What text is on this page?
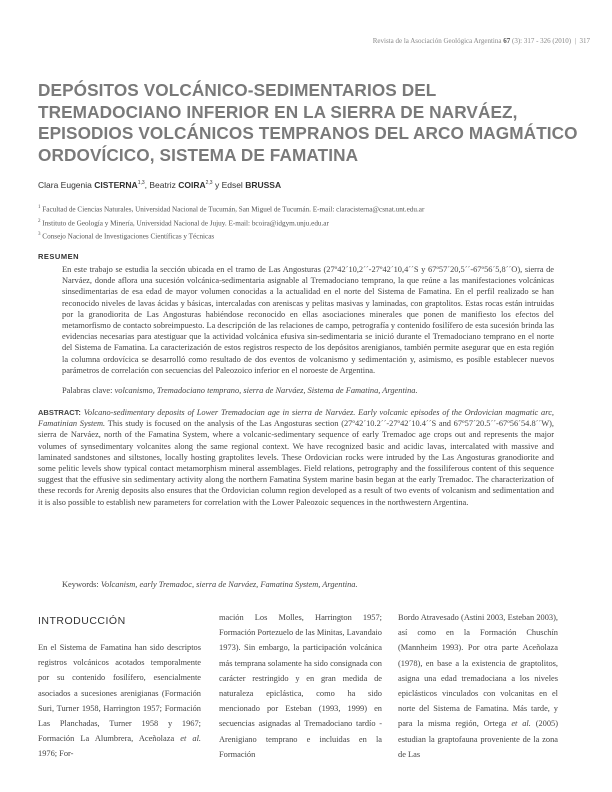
Revista de la Asociación Geológica Argentina 67 (3): 317 - 326 (2010)  |  317
DEPÓSITOS VOLCÁNICO-SEDIMENTARIOS DEL TREMADOCIANO INFERIOR EN LA SIERRA DE NARVÁEZ, EPISODIOS VOLCÁNICOS TEMPRANOS DEL ARCO MAGMÁTICO ORDOVÍCICO, SISTEMA DE FAMATINA
Clara Eugenia CISTERNA$^{1,3}$, Beatriz COIRA$^{2,3}$ y Edsel BRUSSA
$^1$ Facultad de Ciencias Naturales, Universidad Nacional de Tucumán, San Miguel de Tucumán. E-mail: claracisterna@csnat.unt.edu.ar
$^2$ Instituto de Geología y Minería, Universidad Nacional de Jujuy. E-mail: bcoira@idgym.unju.edu.ar
$^3$ Consejo Nacional de Investigaciones Científicas y Técnicas
RESUMEN
En este trabajo se estudia la sección ubicada en el tramo de Las Angosturas (27º42´10,2´´-27º42´10,4´´S y 67º57´20,5´´-67º56´5,8´´O), sierra de Narváez, donde aflora una sucesión volcánica-sedimentaria asignable al Tremadociano temprano, la que reúne a las manifestaciones volcánicas sinsedimentarias de esa edad de mayor volumen conocidas a la actualidad en el norte del Sistema de Famatina. En el perfil realizado se han reconocido niveles de lavas ácidas y básicas, intercaladas con areniscas y pelitas masivas y laminadas, con graptolitos. Estas rocas están intruidas por la granodiorita de Las Angosturas habiéndose reconocido en ellas asociaciones minerales que ponen de manifiesto los efectos del metamorfismo de contacto sobreimpuesto. La descripción de las relaciones de campo, petrografía y contenido fosilífero de esta sucesión brinda las evidencias necesarias para atestiguar que la actividad volcánica efusiva sin-sedimentaria se inició durante el Tremadociano temprano en el norte del Sistema de Famatina. La caracterización de estos registros respecto de los depósitos arenigianos, también permite asegurar que en esta región la columna ordovícica se desarrolló como resultado de dos eventos de volcanismo y sedimentación y, asimismo, es posible establecer nuevos parámetros de correlación con secuencias del Paleozoico inferior en el noroeste de Argentina.
Palabras clave: volcanismo, Tremadociano temprano, sierra de Narváez, Sistema de Famatina, Argentina.
ABSTRACT: Volcano-sedimentary deposits of Lower Tremadocian age in sierra de Narváez. Early volcanic episodes of the Ordovician magmatic arc, Famatinian System. This study is focused on the analysis of the Las Angosturas section (27º42´10.2´´-27º42´10.4´´S and 67º57´20.5´´-67º56´54.8´´W), sierra de Narváez, north of the Famatina System, where a volcanic-sedimentary sequence of early Tremadoc age crops out and represents the major volumes of synsedimentary volcanites along the same regional context. We have recognized basic and acidic lavas, intercalated with massive and laminated sandstones and siltstones, locally hosting graptolites levels. These Ordovician rocks were intruded by the Las Angosturas granodiorite and some pelitic levels show typical contact metamorphism mineral assemblages. Field relations, petrography and the fossiliferous content of this sequence suggest that the effusive sin sedimentary activity along the northern Famatina System marine basin began at the early Tremadoc. The characterization of these records for Arenig deposits also ensures that the Ordovician column region developed as a result of two events of volcanism and sedimentation and it is also possible to establish new parameters for correlation with the Lower Paleozoic sequences in the northwestern Argentina.
Keywords: Volcanism, early Tremadoc, sierra de Narváez, Famatina System, Argentina.
INTRODUCCIÓN
En el Sistema de Famatina han sido descriptos registros volcánicos acotados temporalmente por su contenido fosilífero, esencialmente asociados a sucesiones arenigianas (Formación Suri, Turner 1958, Harrington 1957; Formación Las Planchadas, Turner 1958 y 1967; Formación La Alumbrera, Aceñolaza et al. 1976; For-
mación Los Molles, Harrington 1957; Formación Portezuelo de las Minitas, Lavandaio 1973). Sin embargo, la participación volcánica más temprana solamente ha sido consignada con carácter restringido y en gran medida de naturaleza epiclástica, como ha sido mencionado por Esteban (1993, 1999) en secuencias asignadas al Tremadociano tardío - Arenigiano temprano e incluidas en la Formación
Bordo Atravesado (Astini 2003, Esteban 2003), así como en la Formación Chuschín (Mannheim 1993). Por otra parte Aceñolaza (1978), en base a la existencia de graptolitos, asigna una edad tremadociana a los niveles epiclásticos vinculados con volcanitas en el norte del Sistema de Famatina. Más tarde, y para la misma región, Ortega et al. (2005) estudian la graptofauna proveniente de la zona de Las
